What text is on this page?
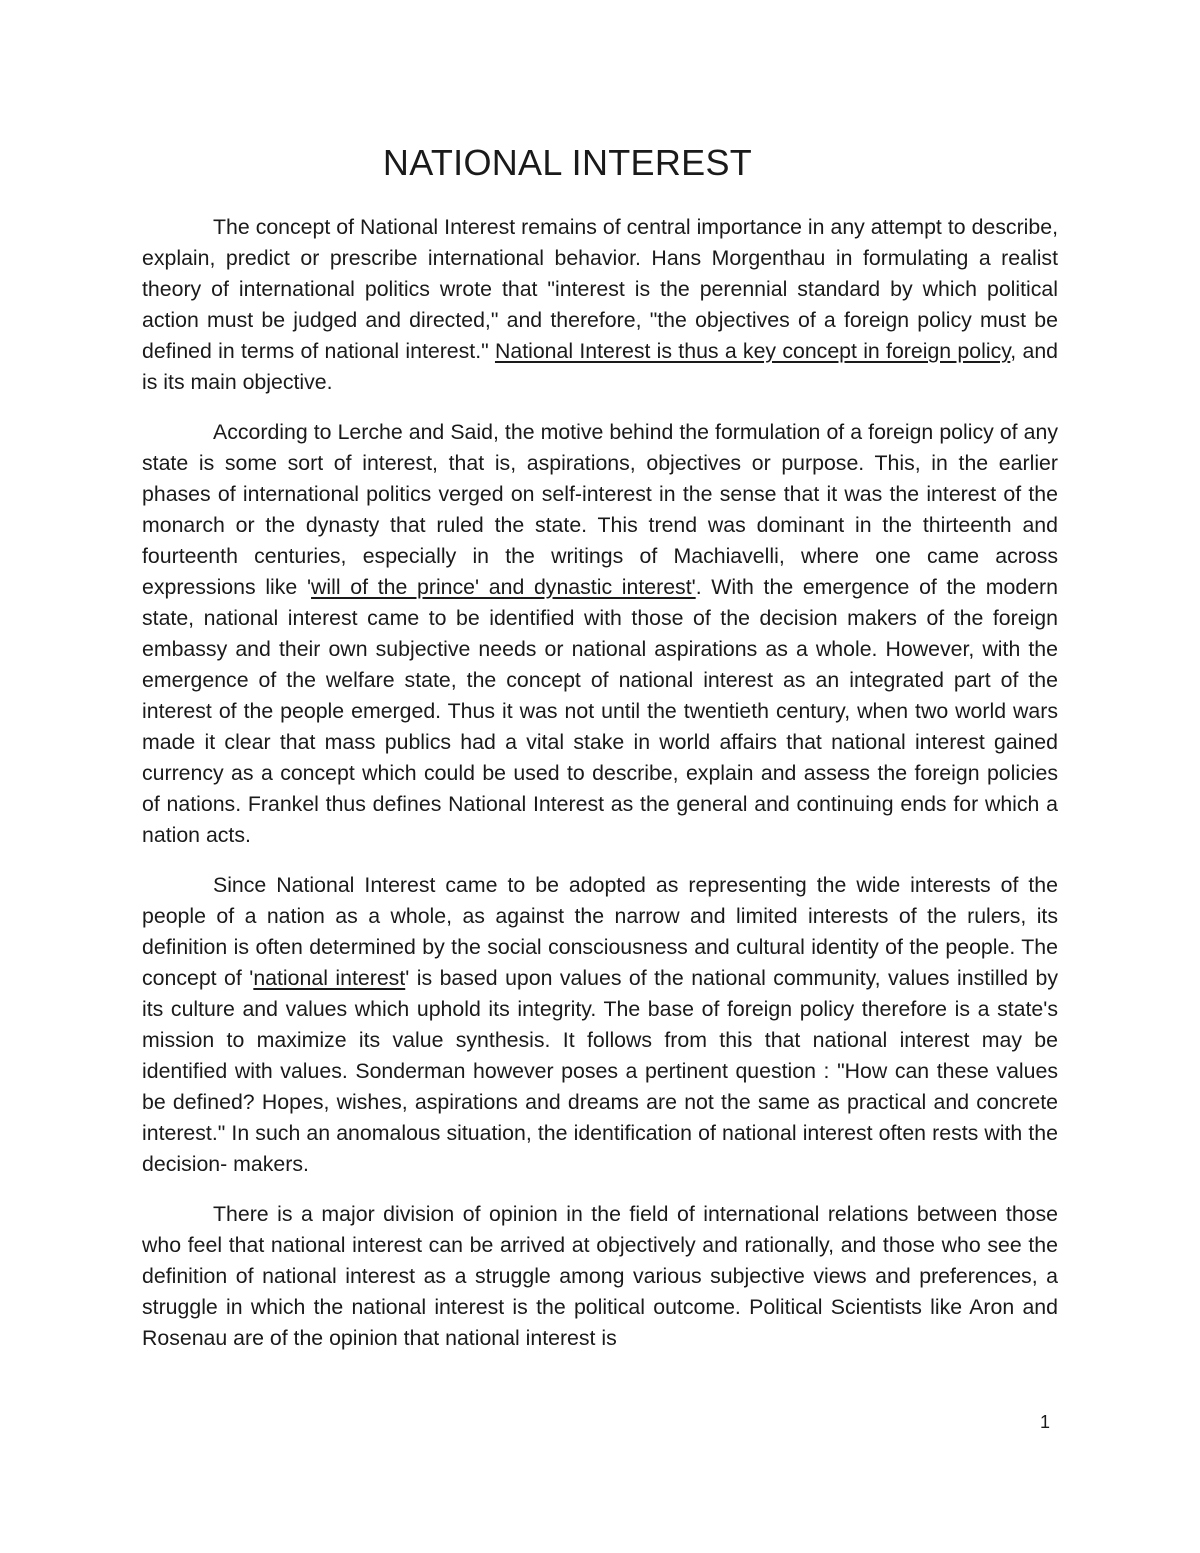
NATIONAL INTEREST

The concept of National Interest remains of central importance in any attempt to describe, explain, predict or prescribe international behavior. Hans Morgenthau in formulating a realist theory of international politics wrote that "interest is the perennial standard by which political action must be judged and directed," and therefore, "the objectives of a foreign policy must be defined in terms of national interest." National Interest is thus a key concept in foreign policy, and is its main objective.

According to Lerche and Said, the motive behind the formulation of a foreign policy of any state is some sort of interest, that is, aspirations, objectives or purpose. This, in the earlier phases of international politics verged on self-interest in the sense that it was the interest of the monarch or the dynasty that ruled the state. This trend was dominant in the thirteenth and fourteenth centuries, especially in the writings of Machiavelli, where one came across expressions like 'will of the prince' and dynastic interest'. With the emergence of the modern state, national interest came to be identified with those of the decision makers of the foreign embassy and their own subjective needs or national aspirations as a whole. However, with the emergence of the welfare state, the concept of national interest as an integrated part of the interest of the people emerged. Thus it was not until the twentieth century, when two world wars made it clear that mass publics had a vital stake in world affairs that national interest gained currency as a concept which could be used to describe, explain and assess the foreign policies of nations. Frankel thus defines National Interest as the general and continuing ends for which a nation acts.

Since National Interest came to be adopted as representing the wide interests of the people of a nation as a whole, as against the narrow and limited interests of the rulers, its definition is often determined by the social consciousness and cultural identity of the people. The concept of 'national interest' is based upon values of the national community, values instilled by its culture and values which uphold its integrity. The base of foreign policy therefore is a state's mission to maximize its value synthesis. It follows from this that national interest may be identified with values. Sonderman however poses a pertinent question : "How can these values be defined? Hopes, wishes, aspirations and dreams are not the same as practical and concrete interest." In such an anomalous situation, the identification of national interest often rests with the decision- makers.

There is a major division of opinion in the field of international relations between those who feel that national interest can be arrived at objectively and rationally, and those who see the definition of national interest as a struggle among various subjective views and preferences, a struggle in which the national interest is the political outcome. Political Scientists like Aron and Rosenau are of the opinion that national interest is

1
